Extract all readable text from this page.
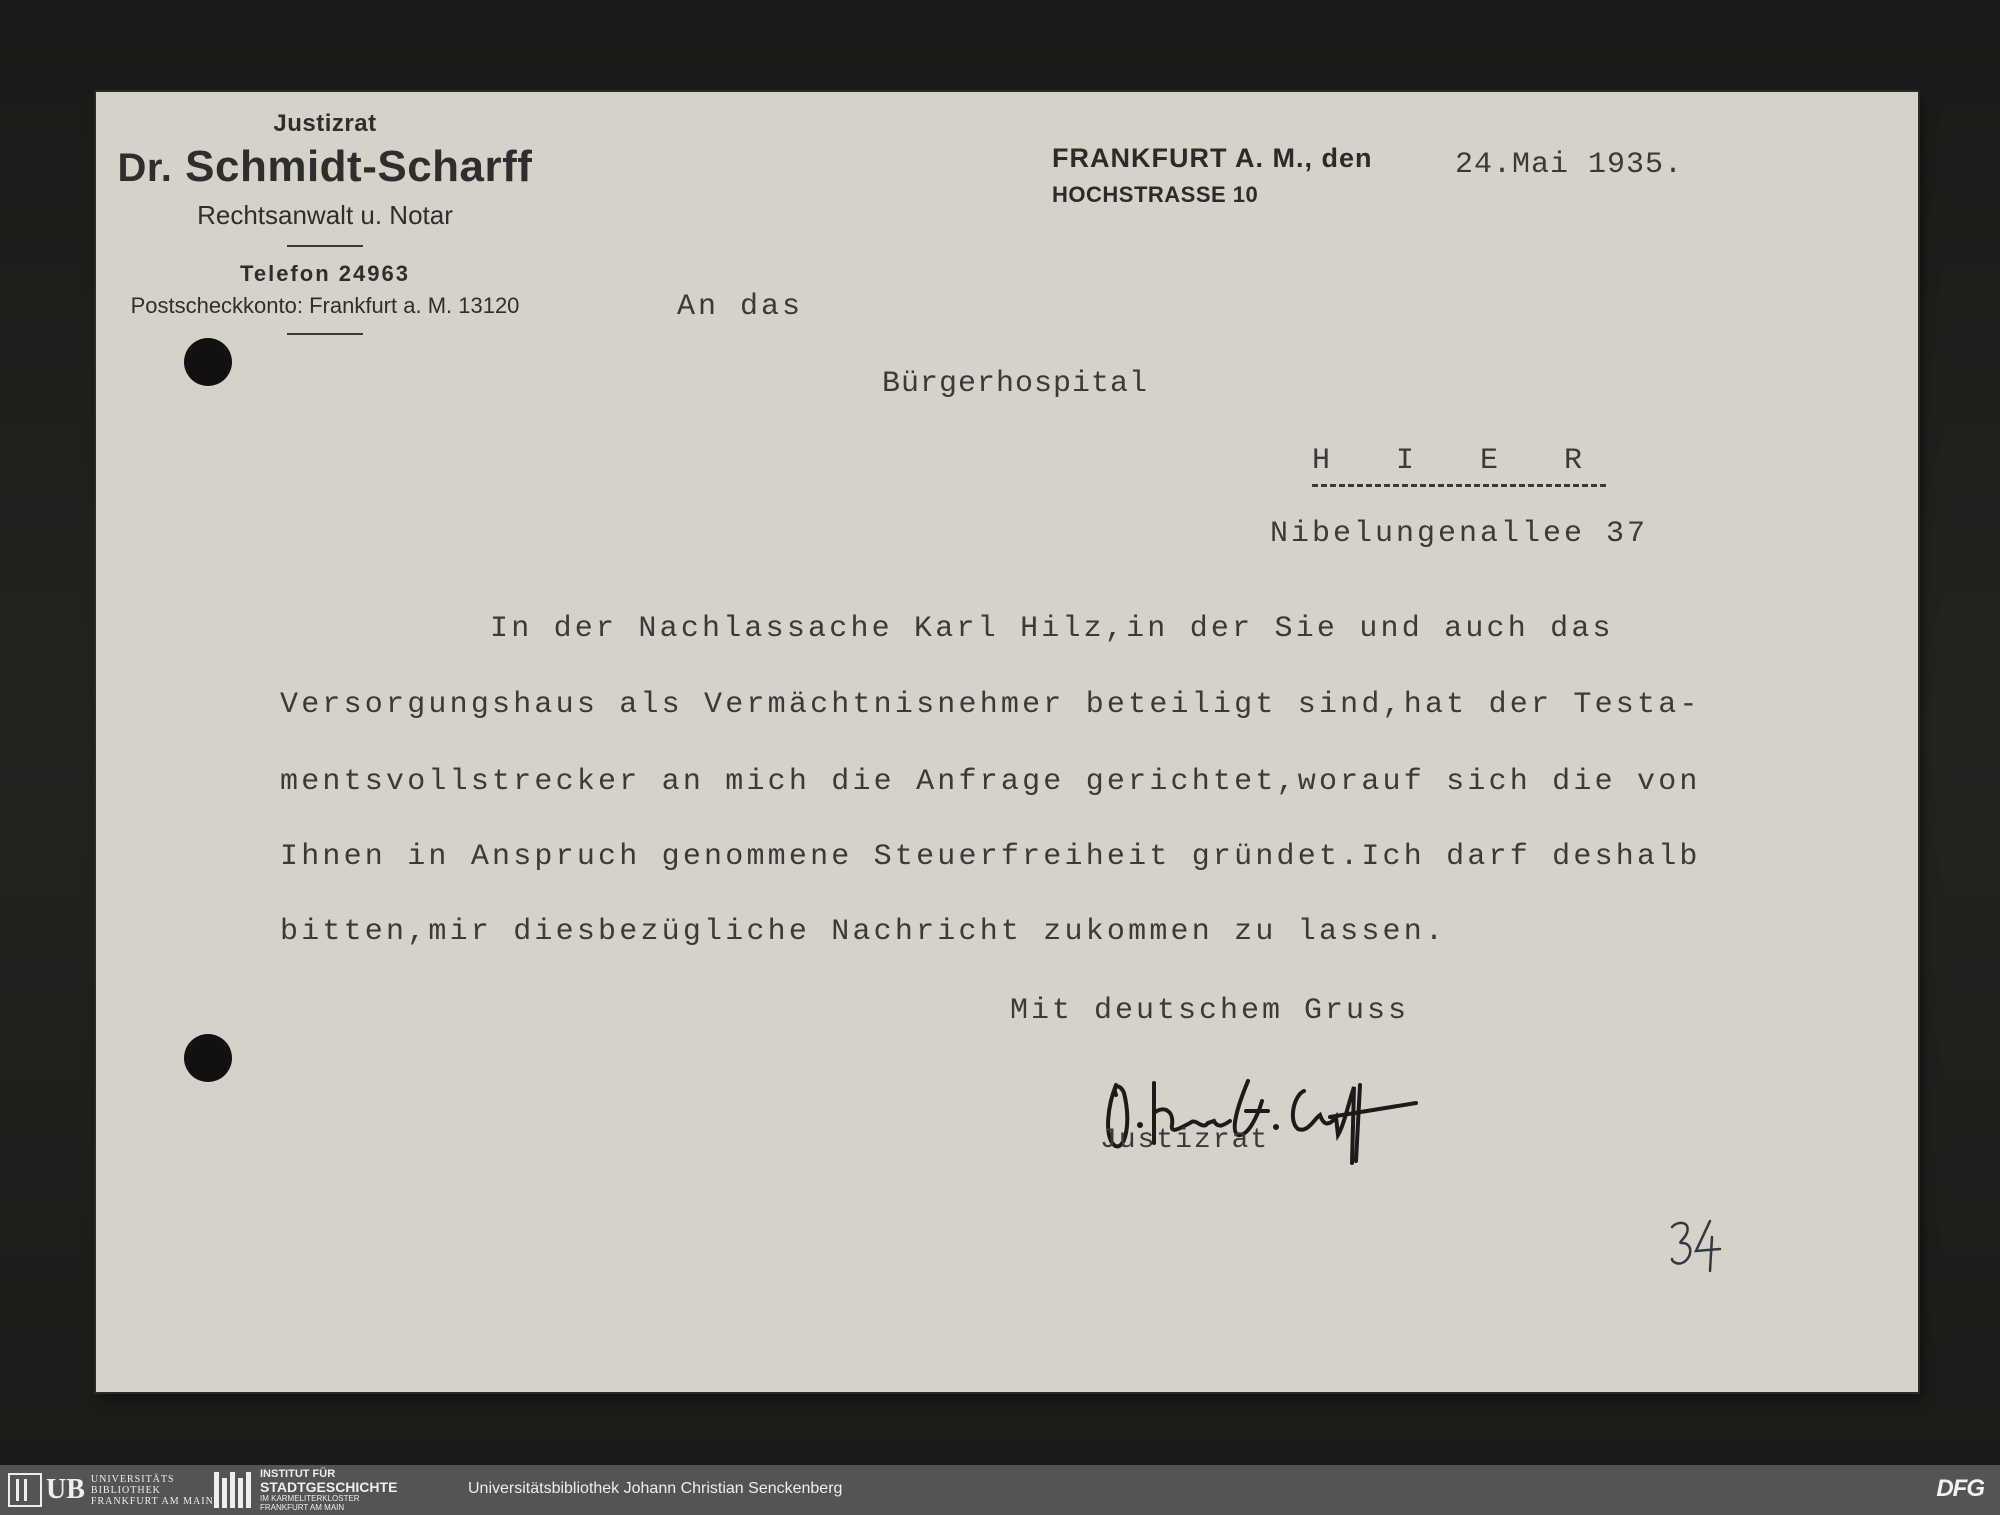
Justizrat
Dr. Schmidt-Scharff
Rechtsanwalt u. Notar
Telefon 24963
Postscheckkonto: Frankfurt a. M. 13120
FRANKFURT A. M., den
HOCHSTRASSE 10
24.Mai 1935.
An das
Bürgerhospital
H I E R
Nibelungenallee 37
In der Nachlassache Karl Hilz,in der Sie und auch das
Versorgungshaus als Vermächtnisnehmer beteiligt sind,hat der Testa-
mentsvollstrecker an mich die Anfrage gerichtet,worauf sich die von
Ihnen in Anspruch genommene Steuerfreiheit gründet.Ich darf deshalb
bitten,mir diesbezügliche Nachricht zukommen zu lassen.
Mit deutschem Gruss
Justizrat
UB UNIVERSITÄTS
BIBLIOTHEK
FRANKFURT AM MAIN
INSTITUT FÜR
STADTGESCHICHTE
IM KARMELITERKLOSTER
FRANKFURT AM MAIN
Universitätsbibliothek Johann Christian Senckenberg	DFG
